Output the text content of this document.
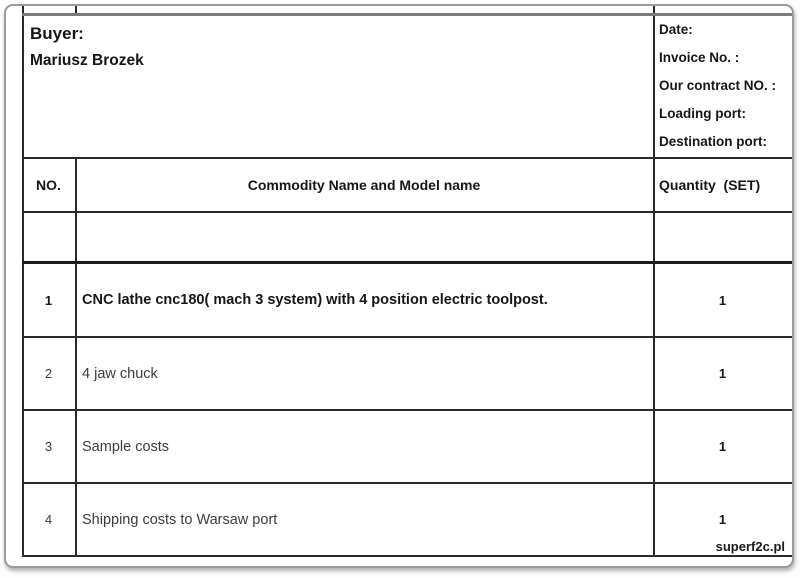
Buyer:
Mariusz Brozek
Date:
Invoice No. :
Our contract NO. :
Loading port:
Destination port:
NO.	Commodity Name and Model name	Quantity  (SET)
1	CNC lathe cnc180( mach 3 system) with 4 position electric toolpost.	1
2	4 jaw chuck	1
3	Sample costs	1
4	Shipping costs to Warsaw port	1
superf2c.pl
